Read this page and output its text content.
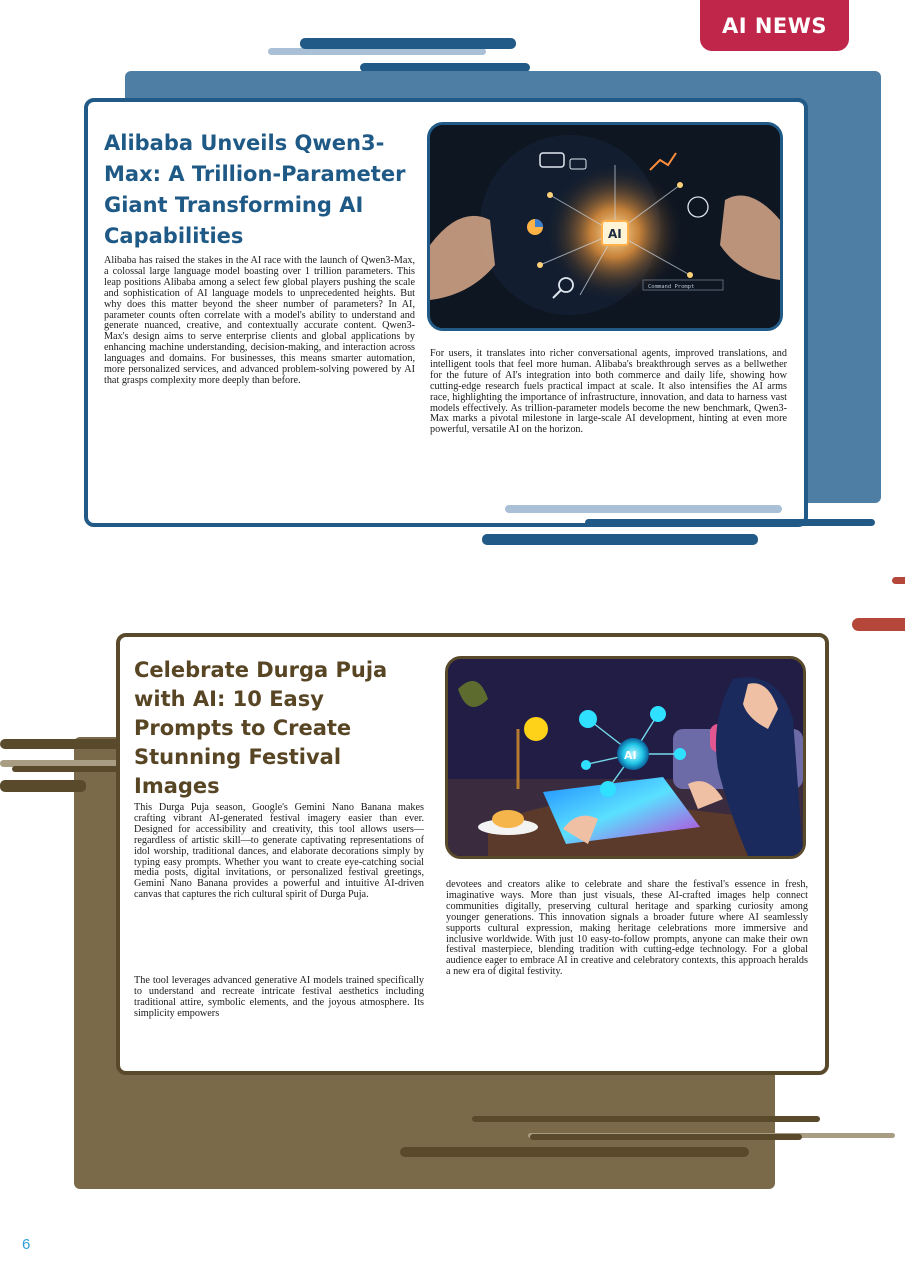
AI NEWS
Alibaba Unveils Qwen3-Max: A Trillion-Parameter Giant Transforming AI Capabilities

Alibaba has raised the stakes in the AI race with the launch of Qwen3-Max, a colossal large language model boasting over 1 trillion parameters. This leap positions Alibaba among a select few global players pushing the scale and sophistication of AI language models to unprecedented heights. But why does this matter beyond the sheer number of parameters? In AI, parameter counts often correlate with a model's ability to understand and generate nuanced, creative, and contextually accurate content. Qwen3-Max's design aims to serve enterprise clients and global applications by enhancing machine understanding, decision-making, and interaction across languages and domains. For businesses, this means smarter automation, more personalized services, and advanced problem-solving powered by AI that grasps complexity more deeply than before.

Command Prompt
AI

For users, it translates into richer conversational agents, improved translations, and intelligent tools that feel more human. Alibaba's breakthrough serves as a bellwether for the future of AI's integration into both commerce and daily life, showing how cutting-edge research fuels practical impact at scale. It also intensifies the AI arms race, highlighting the importance of infrastructure, innovation, and data to harness vast models effectively. As trillion-parameter models become the new benchmark, Qwen3-Max marks a pivotal milestone in large-scale AI development, hinting at even more powerful, versatile AI on the horizon.

Celebrate Durga Puja with AI: 10 Easy Prompts to Create Stunning Festival Images

This Durga Puja season, Google's Gemini Nano Banana makes crafting vibrant AI-generated festival imagery easier than ever. Designed for accessibility and creativity, this tool allows users—regardless of artistic skill—to generate captivating representations of idol worship, traditional dances, and elaborate decorations simply by typing easy prompts. Whether you want to create eye-catching social media posts, digital invitations, or personalized festival greetings, Gemini Nano Banana provides a powerful and intuitive AI-driven canvas that captures the rich cultural spirit of Durga Puja.

The tool leverages advanced generative AI models trained specifically to understand and recreate intricate festival aesthetics including traditional attire, symbolic elements, and the joyous atmosphere. Its simplicity empowers

AI

devotees and creators alike to celebrate and share the festival's essence in fresh, imaginative ways. More than just visuals, these AI-crafted images help connect communities digitally, preserving cultural heritage and sparking curiosity among younger generations. This innovation signals a broader future where AI seamlessly supports cultural expression, making heritage celebrations more immersive and inclusive worldwide. With just 10 easy-to-follow prompts, anyone can make their own festival masterpiece, blending tradition with cutting-edge technology. For a global audience eager to embrace AI in creative and celebratory contexts, this approach heralds a new era of digital festivity.

6
